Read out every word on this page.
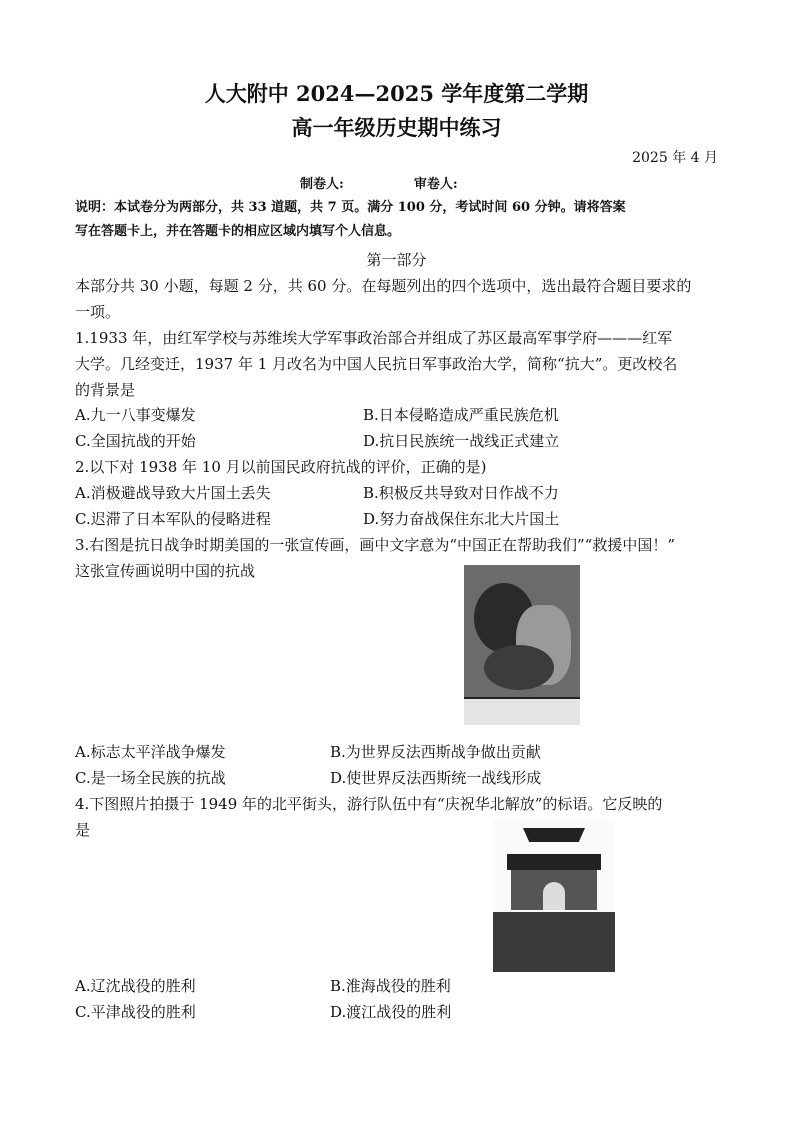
人大附中 2024—2025 学年度第二学期
高一年级历史期中练习
2025 年 4 月
制卷人:	审卷人:
说明：本试卷分为两部分，共 33 道题，共 7 页。满分 100 分，考试时间 60 分钟。请将答案
写在答题卡上，并在答题卡的相应区域内填写个人信息。
第一部分
本部分共 30 小题，每题 2 分，共 60 分。在每题列出的四个选项中，选出最符合题目要求的
一项。
1.1933 年，由红军学校与苏维埃大学军事政治部合并组成了苏区最高军事学府———红军
大学。几经变迁，1937 年 1 月改名为中国人民抗日军事政治大学，简称“抗大”。更改校名
的背景是
A.九一八事变爆发	B.日本侵略造成严重民族危机
C.全国抗战的开始	D.抗日民族统一战线正式建立
2.以下对 1938 年 10 月以前国民政府抗战的评价，正确的是)
A.消极避战导致大片国土丢失	B.积极反共导致对日作战不力
C.迟滞了日本军队的侵略进程	D.努力奋战保住东北大片国土
3.右图是抗日战争时期美国的一张宣传画，画中文字意为“中国正在帮助我们”“救援中国！”
这张宣传画说明中国的抗战
A.标志太平洋战争爆发	B.为世界反法西斯战争做出贡献
C.是一场全民族的抗战	D.使世界反法西斯统一战线形成
4.下图照片拍摄于 1949 年的北平街头，游行队伍中有“庆祝华北解放”的标语。它反映的
是
A.辽沈战役的胜利	B.淮海战役的胜利
C.平津战役的胜利	D.渡江战役的胜利
